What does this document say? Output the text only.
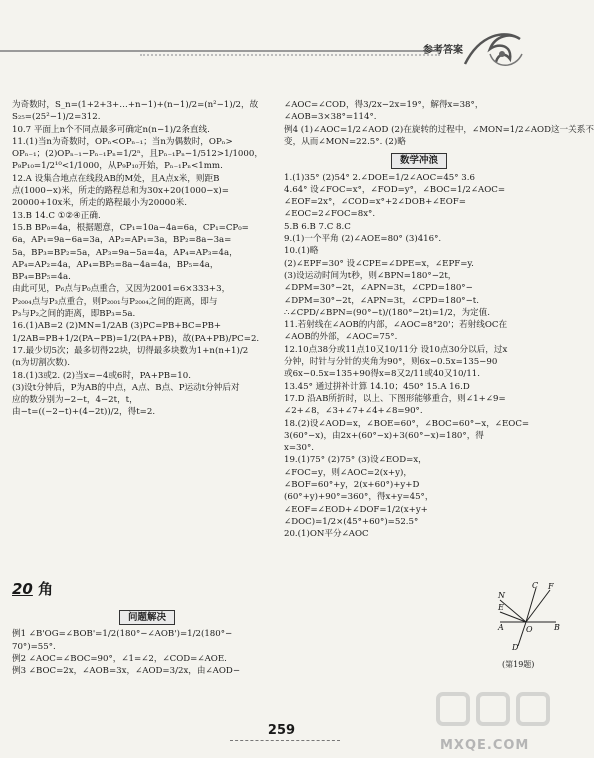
参考答案
为奇数时，S_n=(1+2+3+…+n−1)+(n−1)/2=(n²−1)/2，故
S₂₅=(25²−1)/2=312.
10.7 平面上n个不同点最多可确定n(n−1)/2条直线.
11.(1)当n为奇数时，OPₙ<OPₙ₋₁；当n为偶数时，OPₙ>
OPₙ₋₁；(2)OPₙ₋₁−Pₙ₋₁Pₙ=1/2ⁿ，且Pₙ₋₁Pₙ−1/512>1/1000，
P₉P₁₀=1/2¹⁰<1/1000，从P₉P₁₀开始，Pₙ₋₁Pₙ<1mm.
12.A 设集合地点在线段AB的M处，且A点x米，则距B
点(1000−x)米，所走的路程总和为30x+20(1000−x)=
20000+10x米，所走的路程最小为20000米.
13.B 14.C ①②④正确.
15.B BP₀=4a，根据题意，CP₁=10a−4a=6a，CP₁=CP₀=
6a，AP₁=9a−6a=3a，AP₂=AP₁=3a，BP₂=8a−3a=
5a，BP₃=BP₂=5a，AP₃=9a−5a=4a，AP₄=AP₃=4a，
AP₄=AP₂=4a，AP₄=BP₅=8a−4a=4a，BP₅=4a，
BP₄=BP₅=4a.
由此可见，P₆点与P₀点重合，又因为2001=6×333+3，
P₂₀₀₄点与P₃点重合，则P₂₀₀₁与P₂₀₀₄之间的距离，即与
P₃与P₂之间的距离，即BP₃=5a.
16.(1)AB=2 (2)MN=1/2AB (3)PC=PB+BC=PB+
1/2AB=PB+1/2(PA−PB)=1/2(PA+PB)，故(PA+PB)/PC=2.
17.最少切5次；最多切得22块，切得最多块数为1+n(n+1)/2
(n为切割次数).
18.(1)3或2. (2)当x=−4或6时，PA+PB=10.
(3)设t分钟后，P为AB的中点，A点、B点、P运动t分钟后对
应的数分别为−2−t，4−2t，t，
由−t=((−2−t)+(4−2t))/2，得t=2.
20 角
问题解决
例1 ∠B'OG=∠BOB'=1/2(180°−∠AOB')=1/2(180°−
70°)=55°.
例2 ∠AOC=∠BOC=90°，∠1=∠2，∠COD=∠AOE.
例3 ∠BOC=2x，∠AOB=3x，∠AOD=3/2x，由∠AOD−
∠AOC=∠COD，得3/2x−2x=19°，解得x=38°，
∠AOB=3×38°=114°.
例4 (1)∠AOC=1/2∠AOD (2)在旋转的过程中，∠MON=1/2∠AOD这一关系不
变，从而∠MON=22.5°. (2)略
数学冲浪
1.(1)35° (2)54° 2.∠DOE=1/2∠AOC=45° 3.6
4.64° 设∠FOC=x°，∠FOD=y°，∠BOC=1/2∠AOC=
∠EOF=2x°，∠COD=x°+2∠DOB+∠EOF=
∠EOC=2∠FOC=8x°.
5.B 6.B 7.C 8.C
9.(1)一个平角 (2)∠AOE=80° (3)416°.
10.(1)略
(2)∠EPF=30° 设∠CPE=∠DPE=x，∠EPF=y.
(3)设运动时间为t秒，则∠BPN=180°−2t，
∠DPM=30°−2t，∠APN=3t，∠CPD=180°−
∠DPM=30°−2t，∠APN=3t，∠CPD=180°−t.
∴∠CPD/∠BPN=(90°−t)/(180°−2t)=1/2，为定值.
11.若射线在∠AOB的内部，∠AOC=8°20'；若射线OC在
∠AOB的外部，∠AOC=75°.
12.10点38分或11点10又10/11分 设10点30分以后，过x
分钟，时针与分针的夹角为90°，则6x−0.5x=135−90
或6x−0.5x=135+90得x=8又2/11或40又10/11.
13.45° 通过拼补计算 14.10；450° 15.A 16.D
17.D 沿AB所折时，以上、下图形能够重合，则∠1+∠9=
∠2+∠8，∠3+∠7+∠4+∠8=90°.
18.(2)设∠AOD=x，∠BOE=60°，∠BOC=60°−x，∠EOC=
3(60°−x)，由2x+(60°−x)+3(60°−x)=180°，得
x=30°.
19.(1)75° (2)75° (3)设∠EOD=x，
∠FOC=y，则∠AOC=2(x+y)，
∠BOF=60°+y，2(x+60°)+y+D
(60°+y)+90°=360°，得x+y=45°，
∠EOF=∠EOD+∠DOF=1/2(x+y+
∠DOC)=1/2×(45°+60°)=52.5°
20.(1)ON平分∠AOC
C F
N
E
A
D
O	B
(第19题)
259
MXQE.COM
